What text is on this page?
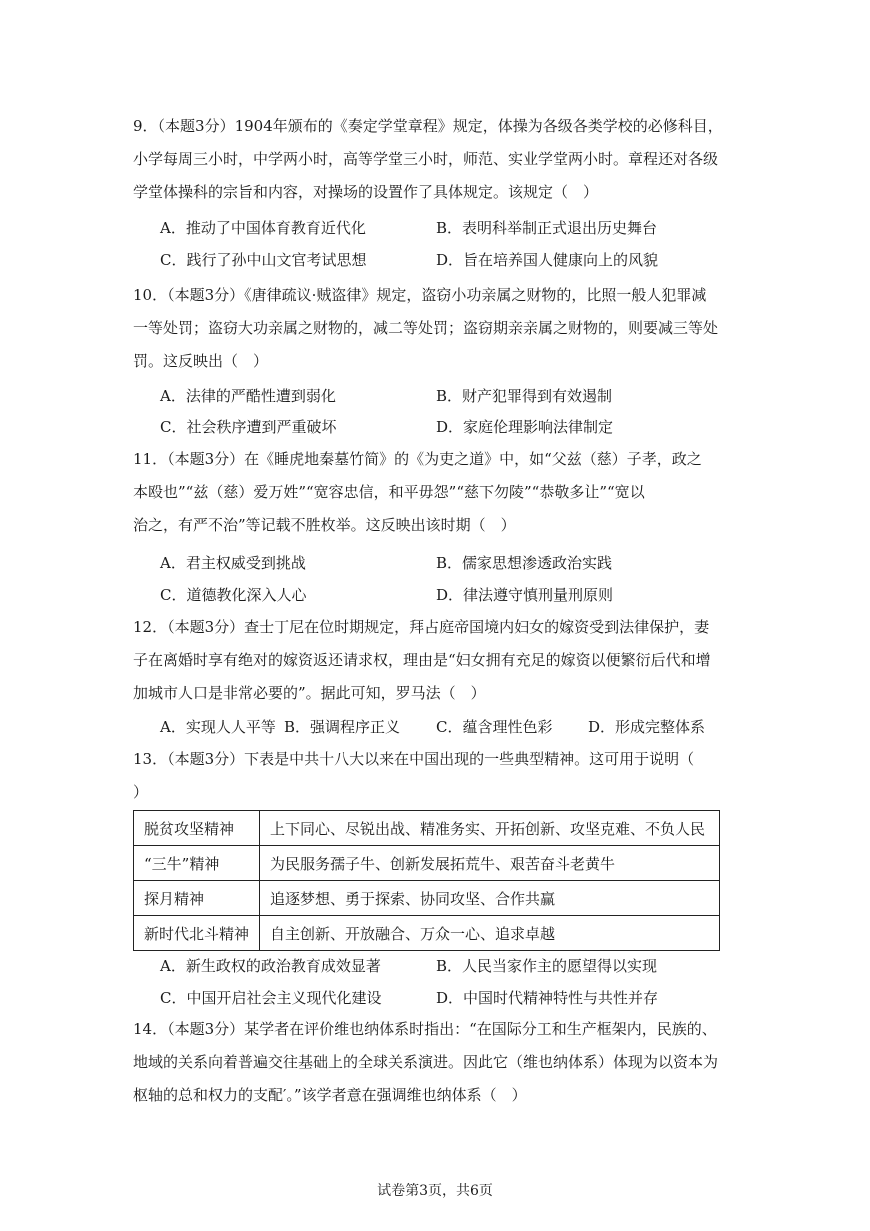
9．（本题3分）1904年颁布的《奏定学堂章程》规定，体操为各级各类学校的必修科目，
小学每周三小时，中学两小时，高等学堂三小时，师范、实业学堂两小时。章程还对各级
学堂体操科的宗旨和内容，对操场的设置作了具体规定。该规定（　）
A．推动了中国体育教育近代化	B．表明科举制正式退出历史舞台
C．践行了孙中山文官考试思想	D．旨在培养国人健康向上的风貌
10．（本题3分）《唐律疏议·贼盗律》规定，盗窃小功亲属之财物的，比照一般人犯罪减
一等处罚；盗窃大功亲属之财物的，减二等处罚；盗窃期亲亲属之财物的，则要减三等处
罚。这反映出（　）
A．法律的严酷性遭到弱化	B．财产犯罪得到有效遏制
C．社会秩序遭到严重破坏	D．家庭伦理影响法律制定
11．（本题3分）在《睡虎地秦墓竹简》的《为吏之道》中，如“父兹（慈）子孝，政之
本殴也”“兹（慈）爱万姓”“宽容忠信，和平毋怨”“慈下勿陵”“恭敬多让”“宽以
治之，有严不治”等记载不胜枚举。这反映出该时期（　）
A．君主权威受到挑战	B．儒家思想渗透政治实践
C．道德教化深入人心	D．律法遵守慎刑量刑原则
12．（本题3分）查士丁尼在位时期规定，拜占庭帝国境内妇女的嫁资受到法律保护，妻
子在离婚时享有绝对的嫁资返还请求权，理由是“妇女拥有充足的嫁资以便繁衍后代和增
加城市人口是非常必要的”。据此可知，罗马法（　）
A．实现人人平等 B．强调程序正义 C．蕴含理性色彩 D．形成完整体系
13．（本题3分）下表是中共十八大以来在中国出现的一些典型精神。这可用于说明（
）
脱贫攻坚精神	上下同心、尽锐出战、精准务实、开拓创新、攻坚克难、不负人民
“三牛”精神	为民服务孺子牛、创新发展拓荒牛、艰苦奋斗老黄牛
探月精神	追逐梦想、勇于探索、协同攻坚、合作共赢
新时代北斗精神	自主创新、开放融合、万众一心、追求卓越
A．新生政权的政治教育成效显著	B．人民当家作主的愿望得以实现
C．中国开启社会主义现代化建设	D．中国时代精神特性与共性并存
14．（本题3分）某学者在评价维也纳体系时指出：“在国际分工和生产框架内，民族的、
地域的关系向着普遍交往基础上的全球关系演进。因此它（维也纳体系）体现为以资本为
枢轴的总和权力的支配′。”该学者意在强调维也纳体系（　）
试卷第3页，共6页
